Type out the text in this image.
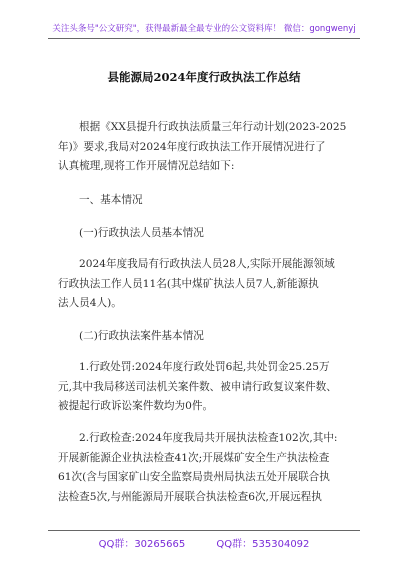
关注头条号"公文研究"，获得最新最全最专业的公文资料库！ 微信：gongwenyj
县能源局2024年度行政执法工作总结
根据《XX县提升行政执法质量三年行动计划(2023-2025
年)》要求,我局对2024年度行政执法工作开展情况进行了
认真梳理,现将工作开展情况总结如下:
一、基本情况
(一)行政执法人员基本情况
2024年度我局有行政执法人员28人,实际开展能源领域
行政执法工作人员11名(其中煤矿执法人员7人,新能源执
法人员4人)。
(二)行政执法案件基本情况
1.行政处罚:2024年度行政处罚6起,共处罚金25.25万
元,其中我局移送司法机关案件数、被申请行政复议案件数、
被提起行政诉讼案件数均为0件。
2.行政检查:2024年度我局共开展执法检查102次,其中:
开展新能源企业执法检查41次;开展煤矿安全生产执法检查
61次(含与国家矿山安全监察局贵州局执法五处开展联合执
法检查5次,与州能源局开展联合执法检查6次,开展远程执
QQ群：30265665	QQ群：535304092
